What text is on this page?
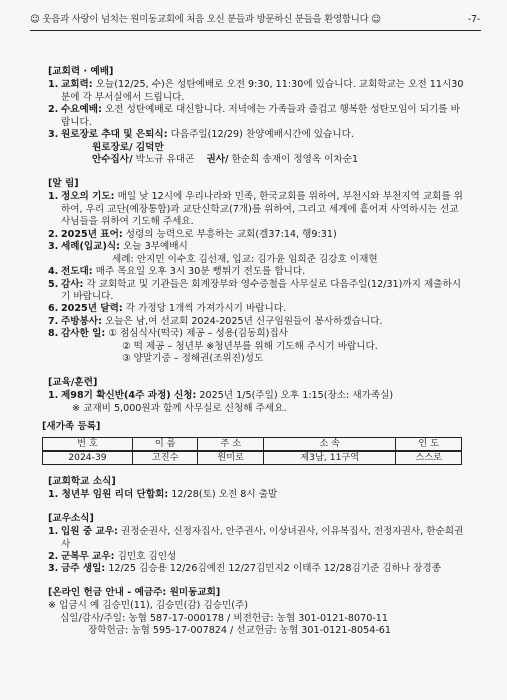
☺ 웃음과 사랑이 넘치는 원미동교회에 처음 오신 분들과 방문하신 분들을 환영합니다 ☺	-7-
[교회력 · 예배]
1. 교회력: 오늘(12/25, 수)은 성탄예배로 오전 9:30, 11:30에 있습니다. 교회학교는 오전 11시30분에 각 부서실에서 드립니다.
2. 수요예배: 오전 성탄예배로 대신합니다. 저녁에는 가족들과 즐겁고 행복한 성탄모임이 되기를 바랍니다.
3. 원로장로 추대 및 은퇴식: 다음주일(12/29) 찬양예배시간에 있습니다.
원로장로/ 김덕만
안수집사/ 박노규 유대곤 권사/ 한순희 송재이 정영옥 이차순1
[알 림]
1. 정오의 기도: 매일 낮 12시에 우리나라와 민족, 한국교회를 위하여, 부천시와 부천지역 교회를 위하여, 우리 교단(예장통합)과 교단신학교(7개)를 위하여, 그리고 세계에 흩어져 사역하시는 선교사님들을 위하여 기도해 주세요.
2. 2025년 표어: 성령의 능력으로 부흥하는 교회(겔37:14, 행9:31)
3. 세례(입교)식: 오늘 3부예배시
세례: 안지민 이수호 김선재, 입교: 김가윤 임희준 김강호 이재현
4. 전도대: 매주 목요일 오후 3시 30분 뻥튀기 전도를 합니다.
5. 감사: 각 교회학교 및 기관들은 회계장부와 영수증철을 사무실로 다음주일(12/31)까지 제출하시기 바랍니다.
6. 2025년 달력: 각 가정당 1개씩 가져가시기 바랍니다.
7. 주방봉사: 오늘은 남,여 선교회 2024-2025년 신구임원들이 봉사하겠습니다.
8. 감사한 일: ① 점심식사(떡국) 제공 – 성용(김동희)집사
② 떡 제공 – 청년부 ※청년부를 위해 기도해 주시기 바랍니다.
③ 양말기증 – 정해권(조위진)성도
[교육/훈련]
1. 제98기 확신반(4주 과정) 신청: 2025년 1/5(주일) 오후 1:15(장소: 새가족실)
※ 교재비 5,000원과 함께 사무실로 신청해 주세요.
[새가족 등록]
번 호	이 름	주 소	소 속	인 도
2024-39	고진수	원미로	제3남, 11구역	스스로
[교회학교 소식]
1. 청년부 임원 리더 단합회: 12/28(토) 오전 8시 출발
[교우소식]
1. 입원 중 교우: 권정순권사, 신정자집사, 안주권사, 이상녀권사, 이유복집사, 전정자권사, 한순희권사
2. 군복무 교우: 김민호 김인성
3. 금주 생일: 12/25 김승용 12/26김예진 12/27김민지2 이태주 12/28김기준 김하나 장경종
[온라인 헌금 안내 - 예금주: 원미동교회]
※ 입금시 예 김승민(11), 김승민(감) 김승민(주)
십일/감사/주일: 농협 587-17-000178 / 비전헌금: 농협 301-0121-8070-11
장학헌금: 농협 595-17-007824 / 선교헌금: 농협 301-0121-8054-61
